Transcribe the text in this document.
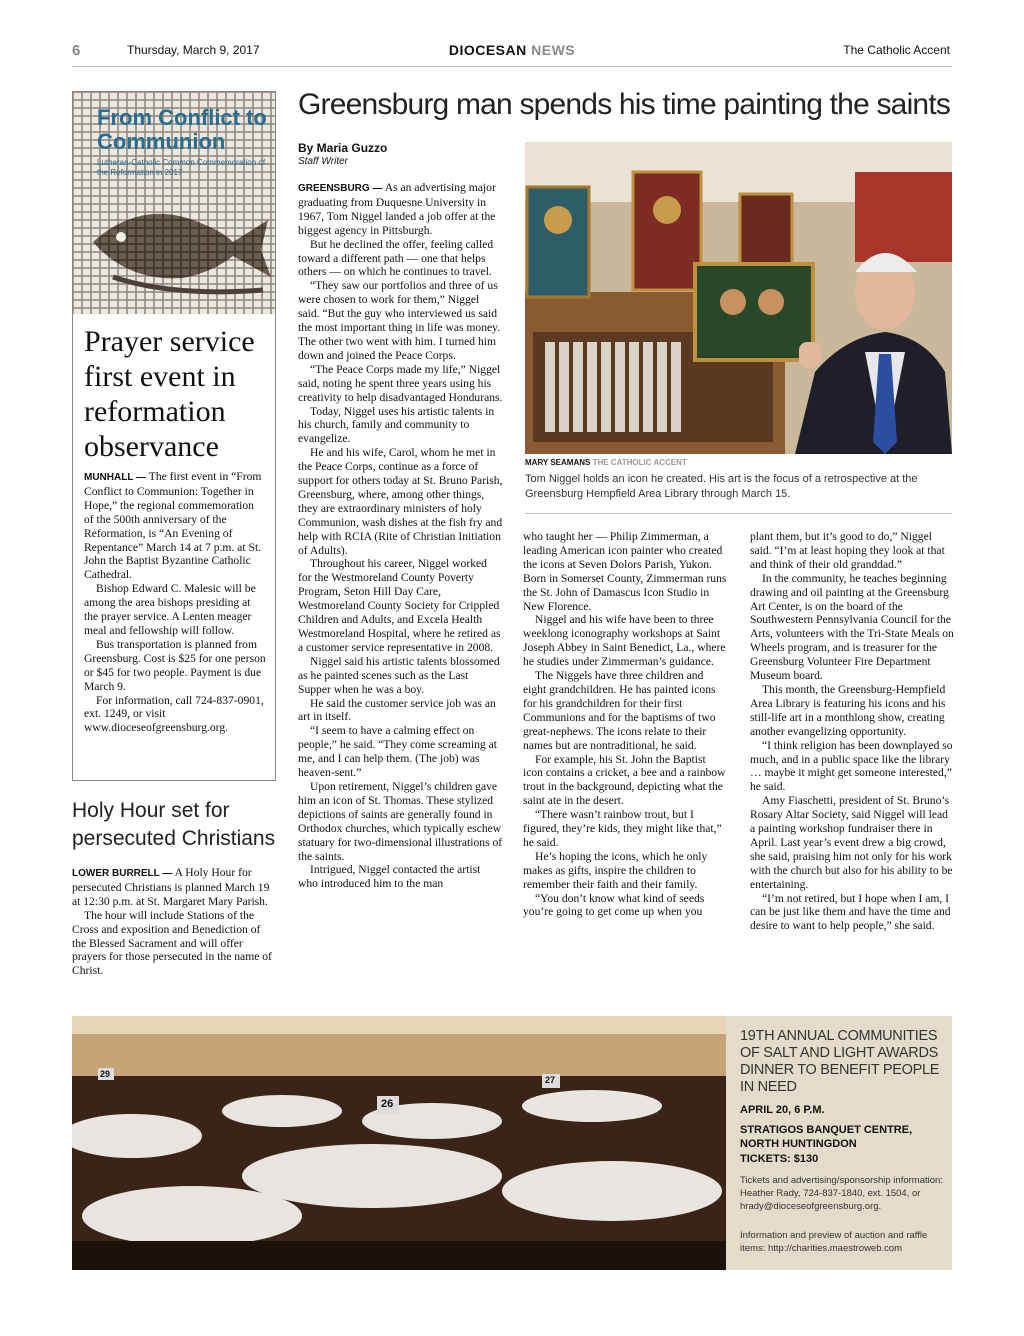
6	Thursday, March 9, 2017	DIOCESAN NEWS	The Catholic Accent
From Conflict to Communion
Lutheran-Catholic Common Commemoration of the Reformation in 2017
Prayer service first event in reformation observance

MUNHALL — The first event in “From Conflict to Communion: Together in Hope,” the regional commemoration of the 500th anniversary of the Reformation, is “An Evening of Repentance” March 14 at 7 p.m. at St. John the Baptist Byzantine Catholic Cathedral.

Bishop Edward C. Malesic will be among the area bishops presiding at the prayer service. A Lenten meager meal and fellowship will follow.

Bus transportation is planned from Greensburg. Cost is $25 for one person or $45 for two people. Payment is due March 9.

For information, call 724-837-0901, ext. 1249, or visit www.dioceseofgreensburg.org.

Holy Hour set for persecuted Christians

LOWER BURRELL — A Holy Hour for persecuted Christians is planned March 19 at 12:30 p.m. at St. Margaret Mary Parish.

The hour will include Stations of the Cross and exposition and Benediction of the Blessed Sacrament and will offer prayers for those persecuted in the name of Christ.

Greensburg man spends his time painting the saints
By Maria Guzzo
Staff Writer

GREENSBURG — As an advertising major graduating from Duquesne University in 1967, Tom Niggel landed a job offer at the biggest agency in Pittsburgh.

But he declined the offer, feeling called toward a different path — one that helps others — on which he continues to travel.

“They saw our portfolios and three of us were chosen to work for them,” Niggel said. “But the guy who interviewed us said the most important thing in life was money. The other two went with him. I turned him down and joined the Peace Corps.

“The Peace Corps made my life,” Niggel said, noting he spent three years using his creativity to help disadvantaged Hondurans.

Today, Niggel uses his artistic talents in his church, family and community to evangelize.

He and his wife, Carol, whom he met in the Peace Corps, continue as a force of support for others today at St. Bruno Parish, Greensburg, where, among other things, they are extraordinary ministers of holy Communion, wash dishes at the fish fry and help with RCIA (Rite of Christian Initiation of Adults).

Throughout his career, Niggel worked for the Westmoreland County Poverty Program, Seton Hill Day Care, Westmoreland County Society for Crippled Children and Adults, and Excela Health Westmoreland Hospital, where he retired as a customer service representative in 2008.

Niggel said his artistic talents blossomed as he painted scenes such as the Last Supper when he was a boy.

He said the customer service job was an art in itself.

“I seem to have a calming effect on people,” he said. “They come screaming at me, and I can help them. (The job) was heaven-sent.”

Upon retirement, Niggel’s children gave him an icon of St. Thomas. These stylized depictions of saints are generally found in Orthodox churches, which typically eschew statuary for two-dimensional illustrations of the saints.

Intrigued, Niggel contacted the artist who introduced him to the man

who taught her — Philip Zimmerman, a leading American icon painter who created the icons at Seven Dolors Parish, Yukon. Born in Somerset County, Zimmerman runs the St. John of Damascus Icon Studio in New Florence.

Niggel and his wife have been to three weeklong iconography workshops at Saint Joseph Abbey in Saint Benedict, La., where he studies under Zimmerman’s guidance.

The Niggels have three children and eight grandchildren. He has painted icons for his grandchildren for their first Communions and for the baptisms of two great-nephews. The icons relate to their names but are nontraditional, he said.

For example, his St. John the Baptist icon contains a cricket, a bee and a rainbow trout in the background, depicting what the saint ate in the desert.

“There wasn’t rainbow trout, but I figured, they’re kids, they might like that,” he said.

He’s hoping the icons, which he only makes as gifts, inspire the children to remember their faith and their family.

“You don’t know what kind of seeds you’re going to get come up when you

plant them, but it’s good to do,” Niggel said. “I’m at least hoping they look at that and think of their old granddad.”

In the community, he teaches beginning drawing and oil painting at the Greensburg Art Center, is on the board of the Southwestern Pennsylvania Council for the Arts, volunteers with the Tri-State Meals on Wheels program, and is treasurer for the Greensburg Volunteer Fire Department Museum board.

This month, the Greensburg-Hempfield Area Library is featuring his icons and his still-life art in a monthlong show, creating another evangelizing opportunity.

“I think religion has been downplayed so much, and in a public space like the library … maybe it might get someone interested,” he said.

Amy Fiaschetti, president of St. Bruno’s Rosary Altar Society, said Niggel will lead a painting workshop fundraiser there in April. Last year’s event drew a big crowd, she said, praising him not only for his work with the church but also for his ability to be entertaining.

“I’m not retired, but I hope when I am, I can be just like them and have the time and desire to want to help people,” she said.

MARY SEAMANS THE CATHOLIC ACCENT
Tom Niggel holds an icon he created. His art is the focus of a retrospective at the Greensburg Hempfield Area Library through March 15.
26
27
29
19TH ANNUAL COMMUNITIES OF SALT AND LIGHT AWARDS DINNER TO BENEFIT PEOPLE IN NEED
APRIL 20, 6 P.M.
STRATIGOS BANQUET CENTRE, NORTH HUNTINGDON
TICKETS: $130
Tickets and advertising/sponsorship information: Heather Rady, 724-837-1840, ext. 1504, or hrady@dioceseofgreensburg.org.
Information and preview of auction and raffle items: http://charities.maestroweb.com
